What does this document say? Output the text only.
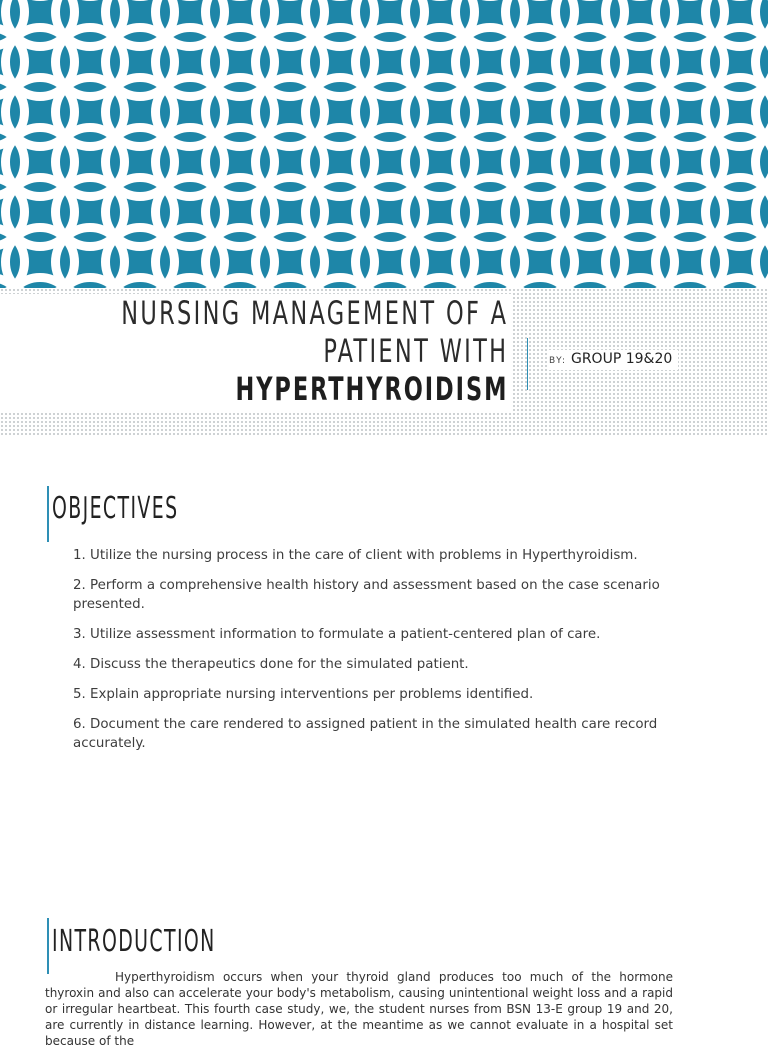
NURSING MANAGEMENT OF A
PATIENT WITH
HYPERTHYROIDISM
BY: GROUP 19&20
OBJECTIVES
1. Utilize the nursing process in the care of client with problems in Hyperthyroidism.
2. Perform a comprehensive health history and assessment based on the case scenario presented.
3. Utilize assessment information to formulate a patient-centered plan of care.
4. Discuss the therapeutics done for the simulated patient.
5. Explain appropriate nursing interventions per problems identified.
6. Document the care rendered to assigned patient in the simulated health care record accurately.
INTRODUCTION

Hyperthyroidism occurs when your thyroid gland produces too much of the hormone thyroxin and also can accelerate your body's metabolism, causing unintentional weight loss and a rapid or irregular heartbeat. This fourth case study, we, the student nurses from BSN 13-E group 19 and 20, are currently in distance learning. However, at the meantime as we cannot evaluate in a hospital set because of the
